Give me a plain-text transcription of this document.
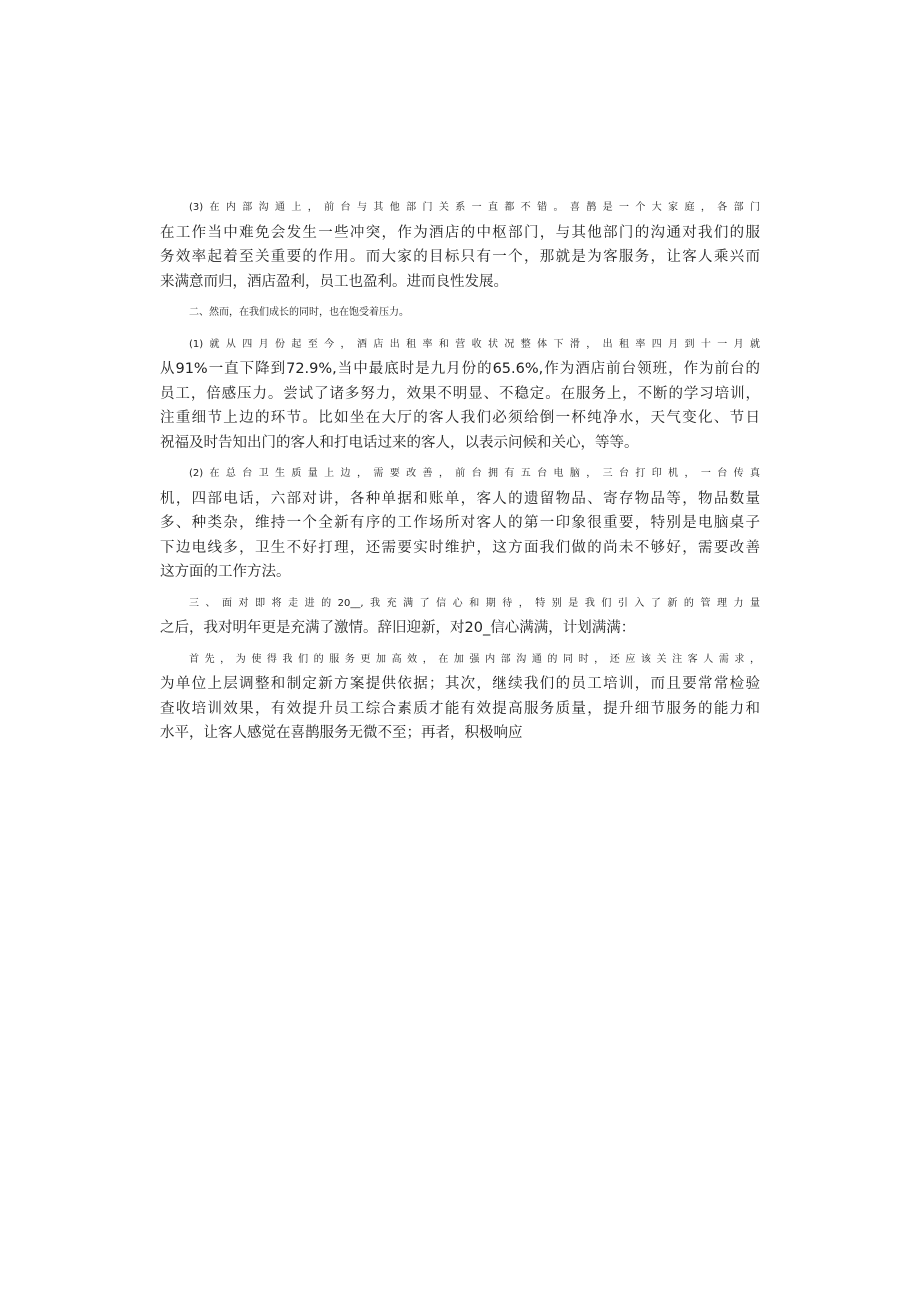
(3)在内部沟通上，前台与其他部门关系一直都不错。喜鹊是一个大家庭，各部门
在工作当中难免会发生一些冲突，作为酒店的中枢部门，与其他部门的沟通对我们的服
务效率起着至关重要的作用。而大家的目标只有一个，那就是为客服务，让客人乘兴而
来满意而归，酒店盈利，员工也盈利。进而良性发展。
二、然而，在我们成长的同时，也在饱受着压力。
(1)就从四月份起至今，酒店出租率和营收状况整体下滑，出租率四月到十一月就
从91%一直下降到72.9%,当中最底时是九月份的65.6%,作为酒店前台领班，作为前台的
员工，倍感压力。尝试了诸多努力，效果不明显、不稳定。在服务上，不断的学习培训，
注重细节上边的环节。比如坐在大厅的客人我们必须给倒一杯纯净水，天气变化、节日
祝福及时告知出门的客人和打电话过来的客人，以表示问候和关心，等等。
(2)在总台卫生质量上边，需要改善，前台拥有五台电脑，三台打印机，一台传真
机，四部电话，六部对讲，各种单据和账单，客人的遗留物品、寄存物品等，物品数量
多、种类杂，维持一个全新有序的工作场所对客人的第一印象很重要，特别是电脑桌子
下边电线多，卫生不好打理，还需要实时维护，这方面我们做的尚未不够好，需要改善
这方面的工作方法。
三、面对即将走进的20__,我充满了信心和期待，特别是我们引入了新的管理力量
之后，我对明年更是充满了激情。辞旧迎新，对20_信心满满，计划满满：
首先，为使得我们的服务更加高效，在加强内部沟通的同时，还应该关注客人需求，
为单位上层调整和制定新方案提供依据；其次，继续我们的员工培训，而且要常常检验
查收培训效果，有效提升员工综合素质才能有效提高服务质量，提升细节服务的能力和
水平，让客人感觉在喜鹊服务无微不至；再者，积极响应
